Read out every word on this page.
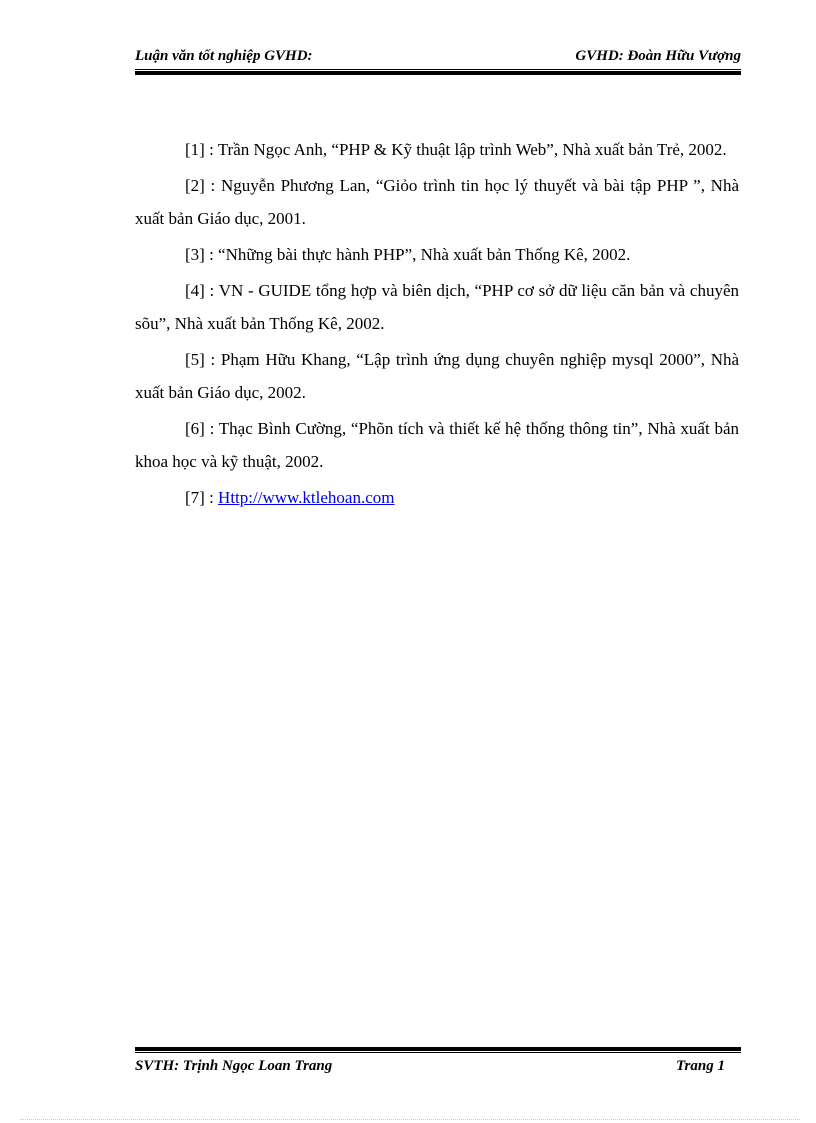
Luận văn tốt nghiệp GVHD:	GVHD: Đoàn Hữu Vượng

[1] : Trần Ngọc Anh, “PHP & Kỹ thuật lập trình Web”, Nhà xuất bản Trẻ, 2002.

[2] : Nguyễn Phương Lan, “Giỏo trình tin học lý thuyết và bài tập PHP ”, Nhà xuất bản Giáo dục, 2001.

[3] : “Những bài thực hành PHP”, Nhà xuất bản Thống Kê, 2002.

[4] : VN - GUIDE tổng hợp và biên dịch, “PHP cơ sở dữ liệu căn bản và chuyên sõu”, Nhà xuất bản Thống Kê, 2002.

[5] : Phạm Hữu Khang, “Lập trình ứng dụng chuyên nghiệp mysql 2000”, Nhà xuất bản Giáo dục, 2002.

[6] : Thạc Bình Cường, “Phõn tích và thiết kế hệ thống thông tin”, Nhà xuất bản khoa học và kỹ thuật, 2002.

[7] : Http://www.ktlehoan.com

SVTH: Trịnh Ngọc Loan Trang	Trang 1
